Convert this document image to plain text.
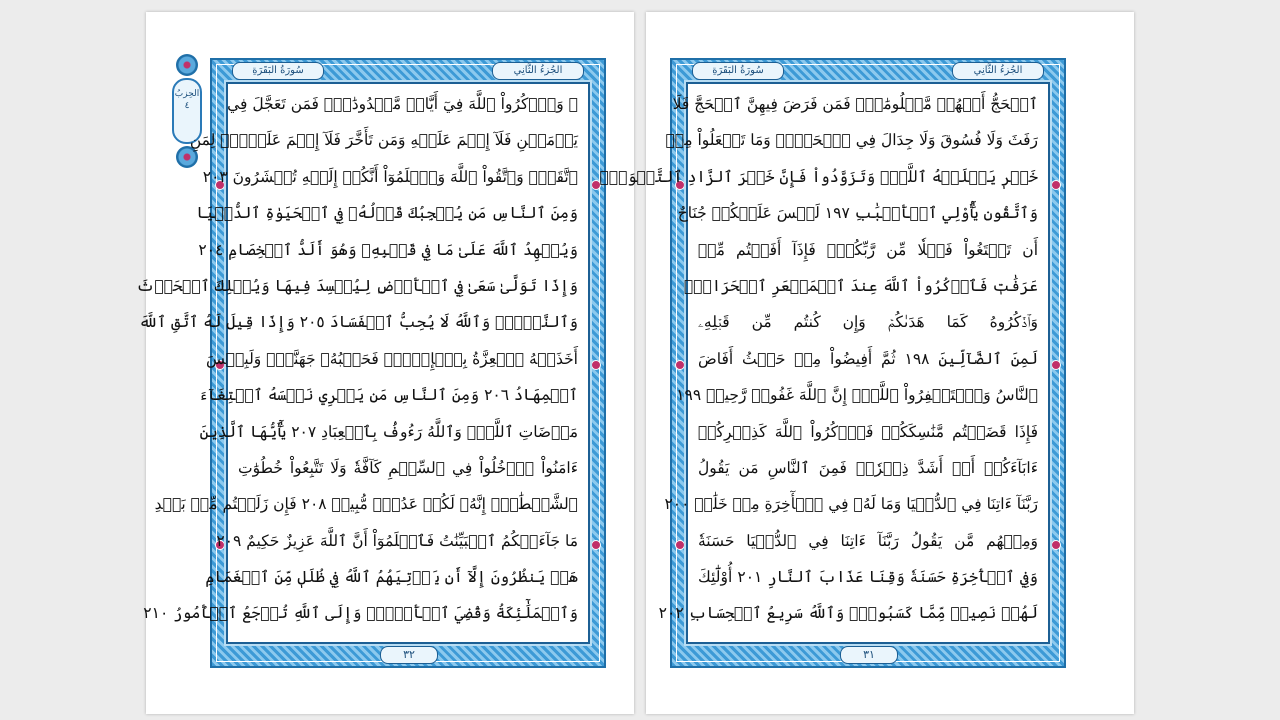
الحِزبُ
٤
الجُزءُ الثَّانِي
سُورَةُ البَقَرَةِ
۞ وَٱذۡكُرُواْ ٱللَّهَ فِيٓ أَيَّامٖ مَّعۡدُودَٰتٖۚ فَمَن تَعَجَّلَ فِي
يَوۡمَيۡنِ فَلَآ إِثۡمَ عَلَيۡهِ وَمَن تَأَخَّرَ فَلَآ إِثۡمَ عَلَيۡهِۖ لِمَنِ
ٱتَّقَىٰۗ وَٱتَّقُواْ ٱللَّهَ وَٱعۡلَمُوٓاْ أَنَّكُمۡ إِلَيۡهِ تُحۡشَرُونَ ٢٠٣
وَمِنَ ٱلنَّاسِ مَن يُعۡجِبُكَ قَوۡلُهُۥ فِي ٱلۡحَيَوٰةِ ٱلدُّنۡيَا
وَيُشۡهِدُ ٱللَّهَ عَلَىٰ مَا فِي قَلۡبِهِۦ وَهُوَ أَلَدُّ ٱلۡخِصَامِ ٢٠٤
وَإِذَا تَوَلَّىٰ سَعَىٰ فِي ٱلۡأَرۡضِ لِيُفۡسِدَ فِيهَا وَيُهۡلِكَ ٱلۡحَرۡثَ
وَٱلنَّسۡلَۚ وَٱللَّهُ لَا يُحِبُّ ٱلۡفَسَادَ ٢٠٥ وَإِذَا قِيلَ لَهُ ٱتَّقِ ٱللَّهَ
أَخَذَتۡهُ ٱلۡعِزَّةُ بِٱلۡإِثۡمِۚ فَحَسۡبُهُۥ جَهَنَّمُۖ وَلَبِئۡسَ
ٱلۡمِهَادُ ٢٠٦ وَمِنَ ٱلنَّاسِ مَن يَشۡرِي نَفۡسَهُ ٱبۡتِغَآءَ
مَرۡضَاتِ ٱللَّهِۚ وَٱللَّهُ رَءُوفُۢ بِٱلۡعِبَادِ ٢٠٧ يَٰٓأَيُّهَا ٱلَّذِينَ
ءَامَنُواْ ٱدۡخُلُواْ فِي ٱلسِّلۡمِ كَآفَّةٗ وَلَا تَتَّبِعُواْ خُطُوَٰتِ
ٱلشَّيۡطَٰنِۚ إِنَّهُۥ لَكُمۡ عَدُوّٞ مُّبِينٞ ٢٠٨ فَإِن زَلَلۡتُم مِّنۢ بَعۡدِ
مَا جَآءَتۡكُمُ ٱلۡبَيِّنَٰتُ فَٱعۡلَمُوٓاْ أَنَّ ٱللَّهَ عَزِيزٌ حَكِيمٌ ٢٠٩
هَلۡ يَنظُرُونَ إِلَّآ أَن يَأۡتِيَهُمُ ٱللَّهُ فِي ظُلَلٖ مِّنَ ٱلۡغَمَامِ
وَٱلۡمَلَٰٓئِكَةُ وَقُضِيَ ٱلۡأَمۡرُۚ وَإِلَى ٱللَّهِ تُرۡجَعُ ٱلۡأُمُورُ ٢١٠
٣٢
الجُزءُ الثَّانِي
سُورَةُ البَقَرَةِ
ٱلۡحَجُّ أَشۡهُرٞ مَّعۡلُومَٰتٞۚ فَمَن فَرَضَ فِيهِنَّ ٱلۡحَجَّ فَلَا
رَفَثَ وَلَا فُسُوقَ وَلَا جِدَالَ فِي ٱلۡحَجِّۗ وَمَا تَفۡعَلُواْ مِنۡ
خَيۡرٖ يَعۡلَمۡهُ ٱللَّهُۗ وَتَزَوَّدُواْ فَإِنَّ خَيۡرَ ٱلزَّادِ ٱلتَّقۡوَىٰۖ
وَٱتَّقُونِ يَٰٓأُوْلِي ٱلۡأَلۡبَٰبِ ١٩٧ لَيۡسَ عَلَيۡكُمۡ جُنَاحٌ
أَن تَبۡتَغُواْ فَضۡلٗا مِّن رَّبِّكُمۡۚ فَإِذَآ أَفَضۡتُم مِّنۡ
عَرَفَٰتٖ فَٱذۡكُرُواْ ٱللَّهَ عِندَ ٱلۡمَشۡعَرِ ٱلۡحَرَامِۖ
وَٱذۡكُرُوهُ كَمَا هَدَىٰكُمۡ وَإِن كُنتُم مِّن قَبۡلِهِۦ
لَمِنَ ٱلضَّآلِّينَ ١٩٨ ثُمَّ أَفِيضُواْ مِنۡ حَيۡثُ أَفَاضَ
ٱلنَّاسُ وَٱسۡتَغۡفِرُواْ ٱللَّهَۚ إِنَّ ٱللَّهَ غَفُورٞ رَّحِيمٞ ١٩٩
فَإِذَا قَضَيۡتُم مَّنَٰسِكَكُمۡ فَٱذۡكُرُواْ ٱللَّهَ كَذِكۡرِكُمۡ
ءَابَآءَكُمۡ أَوۡ أَشَدَّ ذِكۡرٗاۗ فَمِنَ ٱلنَّاسِ مَن يَقُولُ
رَبَّنَآ ءَاتِنَا فِي ٱلدُّنۡيَا وَمَا لَهُۥ فِي ٱلۡأٓخِرَةِ مِنۡ خَلَٰقٖ ٢٠٠
وَمِنۡهُم مَّن يَقُولُ رَبَّنَآ ءَاتِنَا فِي ٱلدُّنۡيَا حَسَنَةٗ
وَفِي ٱلۡأٓخِرَةِ حَسَنَةٗ وَقِنَا عَذَابَ ٱلنَّارِ ٢٠١ أُوْلَٰٓئِكَ
لَهُمۡ نَصِيبٞ مِّمَّا كَسَبُواْۚ وَٱللَّهُ سَرِيعُ ٱلۡحِسَابِ ٢٠٢
٣١
